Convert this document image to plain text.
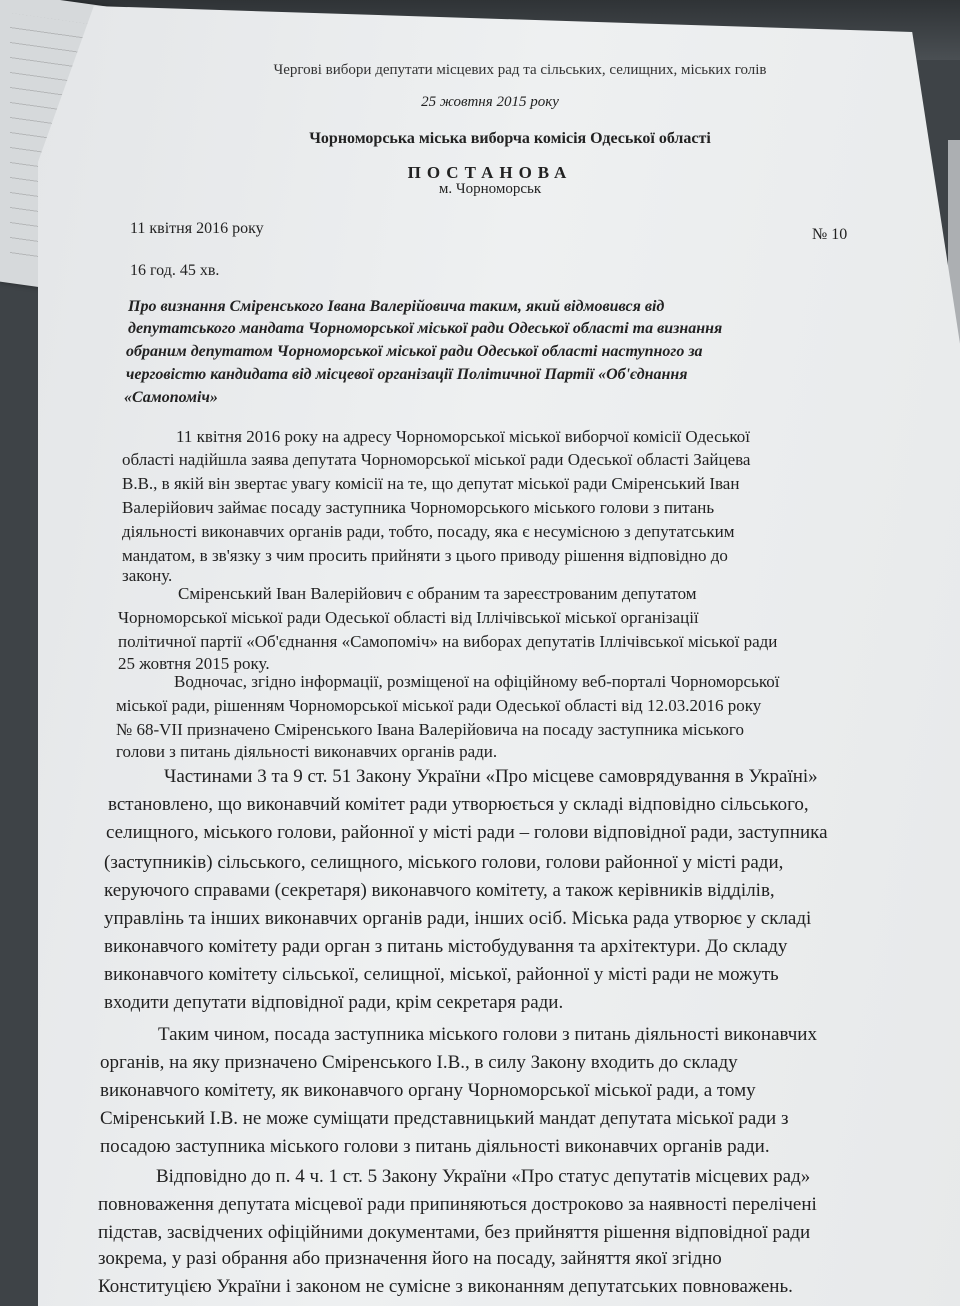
Чергові вибори депутати місцевих рад та сільських, селищних, міських голів
25 жовтня 2015 року
Чорноморська міська виборча комісія Одеської області
ПОСТАНОВА
м. Чорноморськ
11 квітня 2016 року	№ 10
16 год. 45 хв.
Про визнання Сміренського Івана Валерійовича таким, який відмовився від
депутатського мандата Чорноморської міської ради Одеської області та визнання
обраним депутатом Чорноморської міської ради Одеської області наступного за
черговістю кандидата від місцевої організації Політичної Партії «Об'єднання
«Самопоміч»
11 квітня 2016 року на адресу Чорноморської міської виборчої комісії Одеської
області надійшла заява депутата Чорноморської міської ради Одеської області Зайцева
В.В., в якій він звертає увагу комісії на те, що депутат міської ради Сміренський Іван
Валерійович займає посаду заступника Чорноморського міського голови з питань
діяльності виконавчих органів ради, тобто, посаду, яка є несумісною з депутатським
мандатом, в зв'язку з чим просить прийняти з цього приводу рішення відповідно до
закону.
Сміренський Іван Валерійович є обраним та зареєстрованим депутатом
Чорноморської міської ради Одеської області від Іллічівської міської організації
політичної партії «Об'єднання «Самопоміч» на виборах депутатів Іллічівської міської ради
25 жовтня 2015 року.
Водночас, згідно інформації, розміщеної на офіційному веб-порталі Чорноморської
міської ради, рішенням Чорноморської міської ради Одеської області від 12.03.2016 року
№ 68-VII призначено Сміренського Івана Валерійовича на посаду заступника міського
голови з питань діяльності виконавчих органів ради.
Частинами 3 та 9 ст. 51 Закону України «Про місцеве самоврядування в Україні»
встановлено, що виконавчий комітет ради утворюється у складі відповідно сільського,
селищного, міського голови, районної у місті ради – голови відповідної ради, заступника
(заступників) сільського, селищного, міського голови, голови районної у місті ради,
керуючого справами (секретаря) виконавчого комітету, а також керівників відділів,
управлінь та інших виконавчих органів ради, інших осіб. Міська рада утворює у складі
виконавчого комітету ради орган з питань містобудування та архітектури. До складу
виконавчого комітету сільської, селищної, міської, районної у місті ради не можуть
входити депутати відповідної ради, крім секретаря ради.
Таким чином, посада заступника міського голови з питань діяльності виконавчих
органів, на яку призначено Сміренського І.В., в силу Закону входить до складу
виконавчого комітету, як виконавчого органу Чорноморської міської ради, а тому
Сміренський І.В. не може суміщати представницький мандат депутата міської ради з
посадою заступника міського голови з питань діяльності виконавчих органів ради.
Відповідно до п. 4 ч. 1 ст. 5 Закону України «Про статус депутатів місцевих рад»
повноваження депутата місцевої ради припиняються достроково за наявності переліченi
підстав, засвідчених офіційними документами, без прийняття рішення відповідної ради
зокрема, у разі обрання або призначення його на посаду, зайняття якої згідно
Конституцією України і законом не сумісне з виконанням депутатських повноважень.
